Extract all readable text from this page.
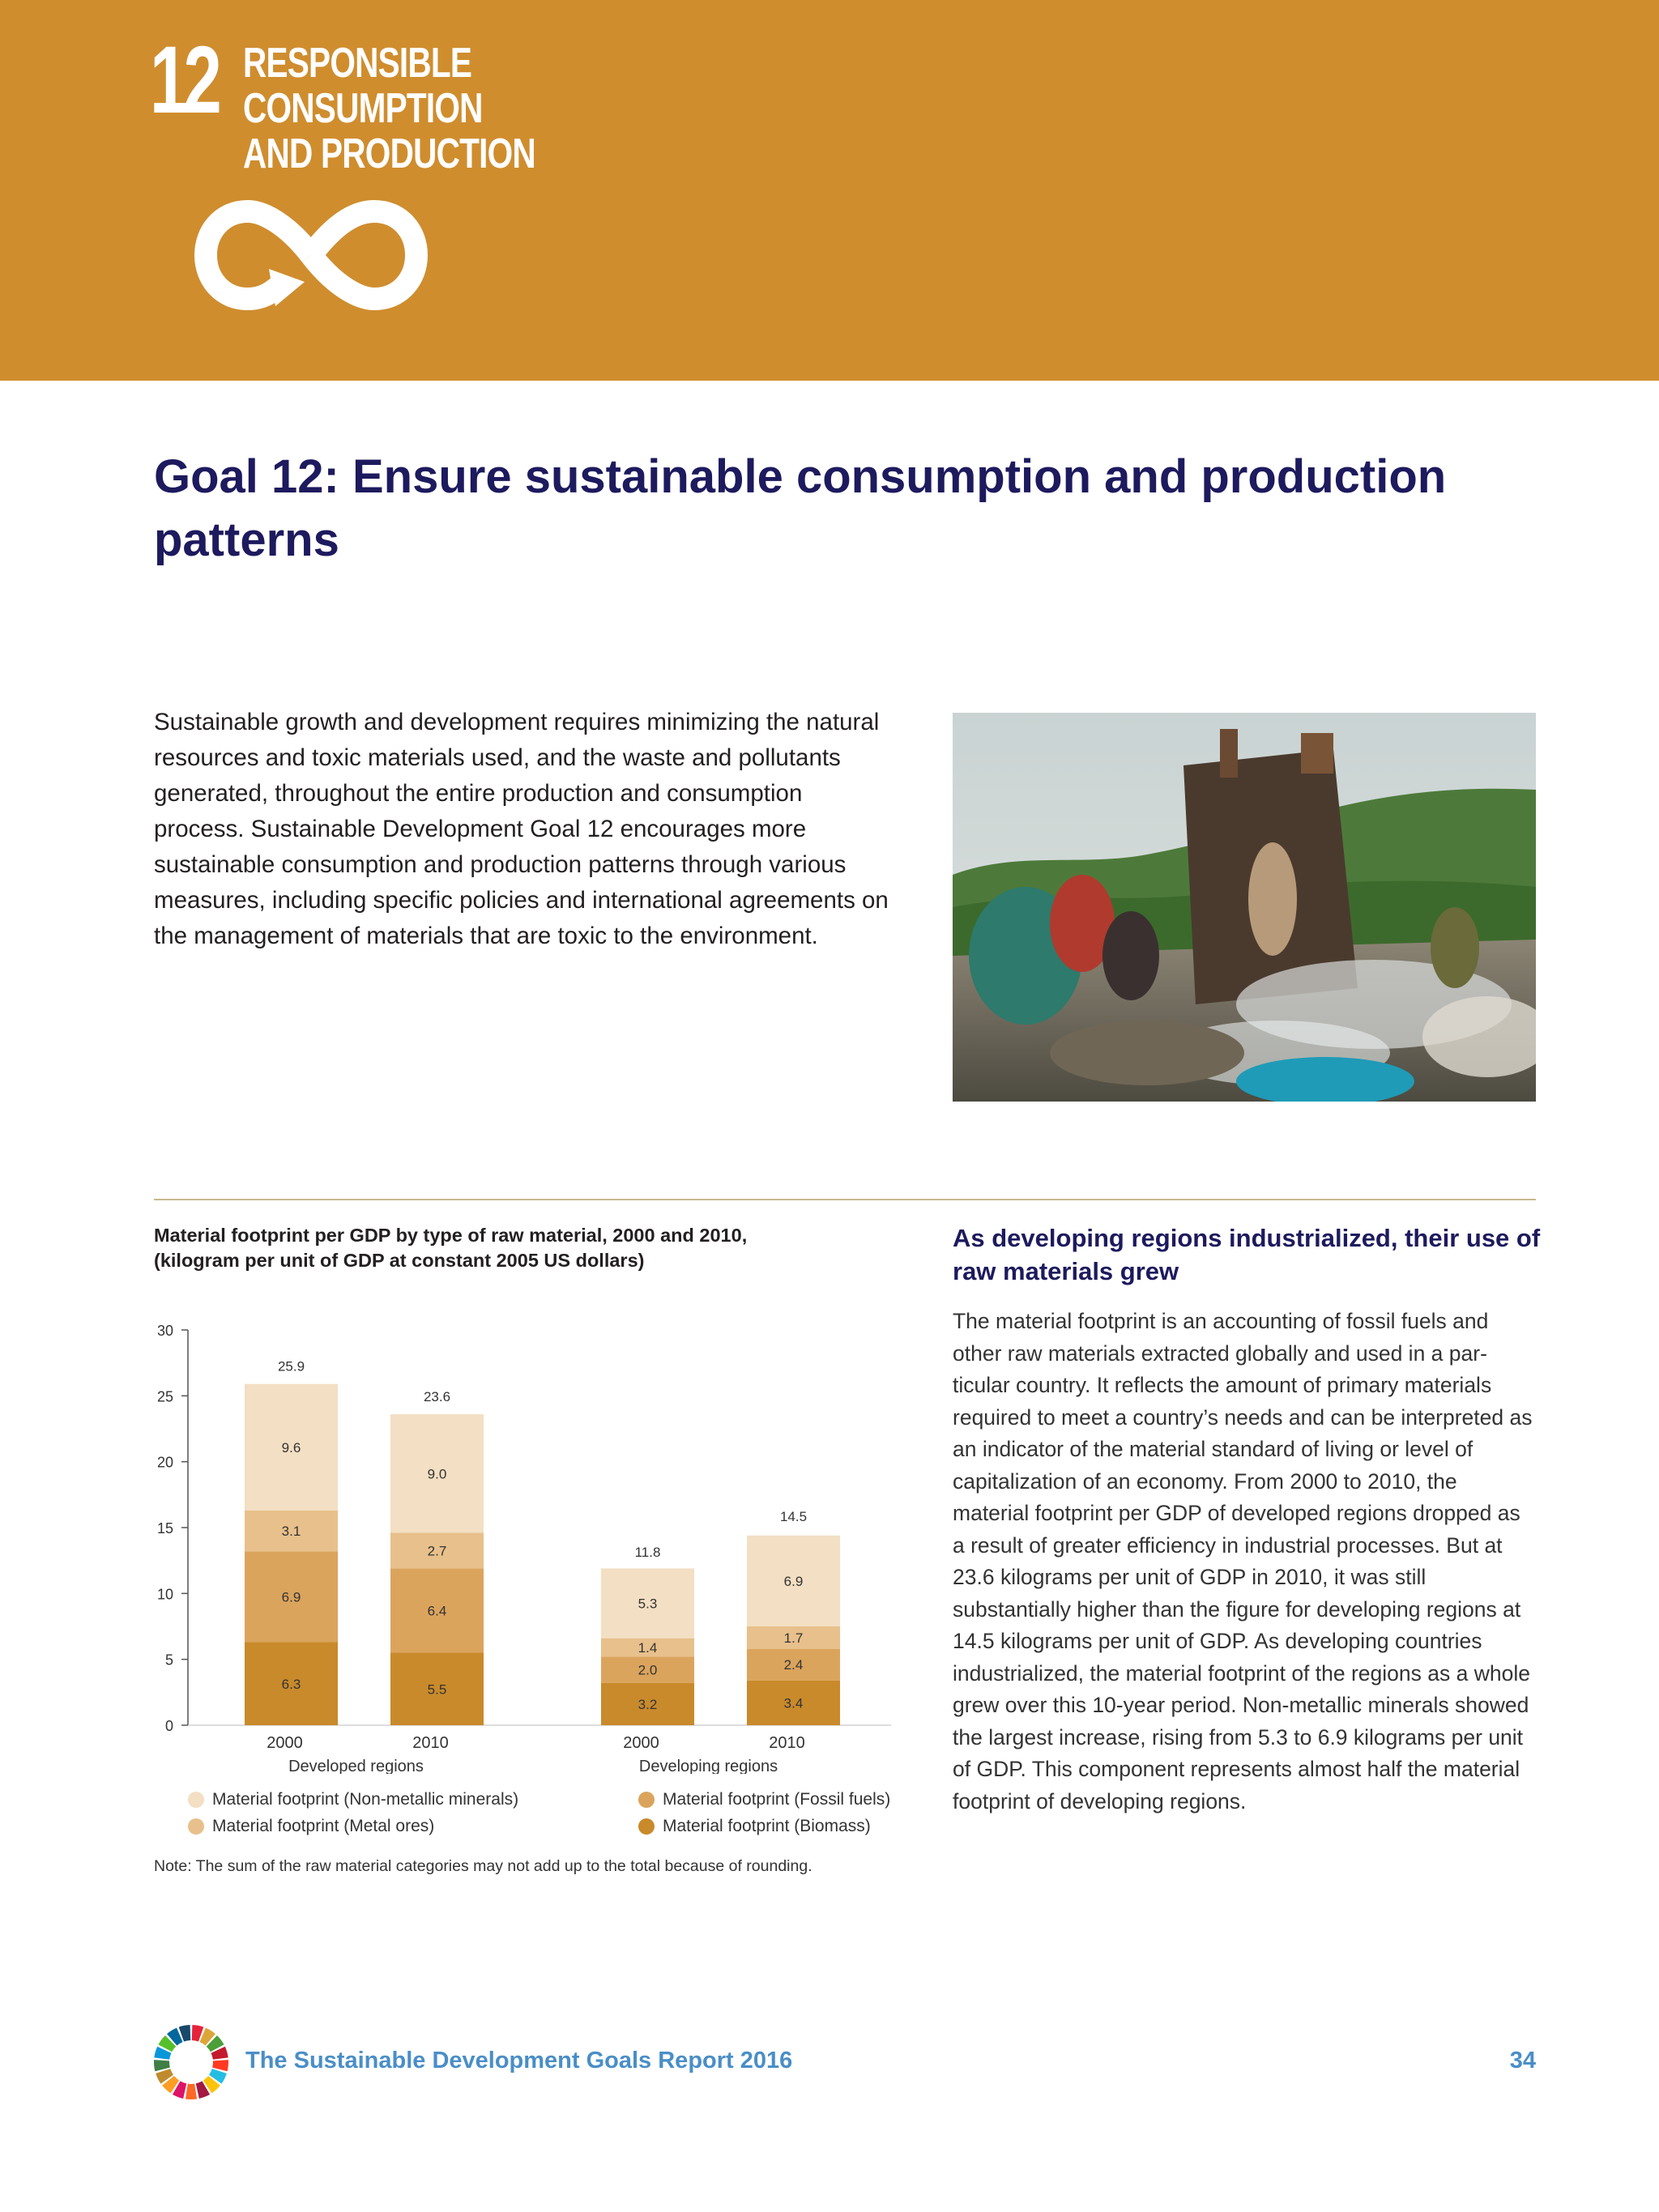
12 RESPONSIBLE
CONSUMPTION
AND PRODUCTION
Goal 12: Ensure sustainable consumption and production patterns

Sustainable growth and development requires minimizing the natural resources and toxic materials used, and the waste and pollutants generated, throughout the entire production and consumption process. Sustainable Development Goal 12 encourages more sustainable consumption and production patterns through various measures, including specific policies and international agreements on the management of materials that are toxic to the environment.

Material footprint per GDP by type of raw material, 2000 and 2010,
(kilogram per unit of GDP at constant 2005 US dollars)
0
5
10
15
20
25
30
6.3
6.9
3.1
9.6
25.9
2000
5.5
6.4
2.7
9.0
23.6
2010
3.2
2.0
1.4
5.3
11.8
2000
3.4
2.4
1.7
6.9
14.5
2010
Developed regions	Developing regions
Material footprint (Non-metallic minerals)
Material footprint (Metal ores)
Material footprint (Fossil fuels)
Material footprint (Biomass)
Note: The sum of the raw material categories may not add up to the total because of rounding.
As developing regions industrialized, their use of raw materials grew

The material footprint is an accounting of fossil fuels and other raw materials extracted globally and used in a particular country. It reflects the amount of primary materials required to meet a country’s needs and can be interpreted as an indicator of the material standard of living or level of capitalization of an economy. From 2000 to 2010, the material footprint per GDP of developed regions dropped as a result of greater efficiency in industrial processes. But at 23.6 kilograms per unit of GDP in 2010, it was still substantially higher than the figure for developing regions at 14.5 kilograms per unit of GDP. As developing countries industrialized, the material footprint of the regions as a whole grew over this 10-year period. Non-metallic minerals showed the largest increase, rising from 5.3 to 6.9 kilograms per unit of GDP. This component represents almost half the material footprint of developing regions.

The Sustainable Development Goals Report 2016	34
